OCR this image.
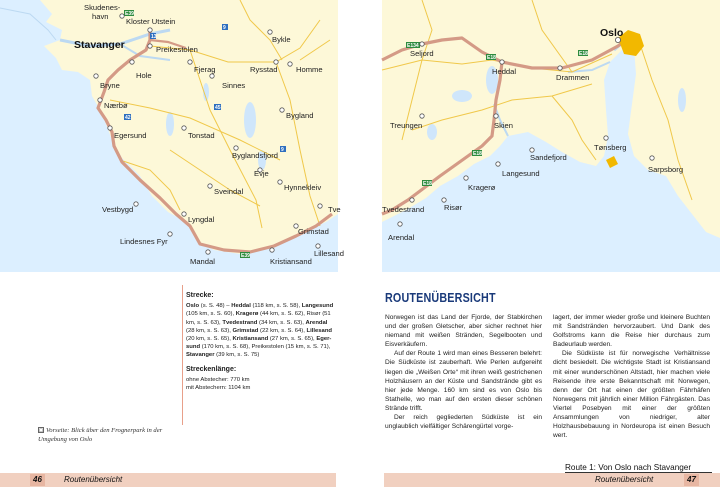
E39
13
9
45
42
9
E39
Skudenes-
havn
Kloster Utstein
Stavanger	Preikestolen
Bykle
Hole
Fjerag	Rysstad Homme
Bryne	Sinnes
Nærbø
Bygland
Egersund	Tonstad
Byglandsfjord
Evje
Sveindal	Hynnekleiv
Vestbygd
Lyngdal
Tve
Lindesnes Fyr
Grimstad
Lillesand
Mandal	Kristiansand
E134
E18
E18
E18
E18
Seljord
Oslo
Heddal
Drammen
Treungen	Skien
Tønsberg
Sandefjord
Sarpsborg
Langesund
Kragerø
Tvedestrand	Risør
Arendal
Strecke:
Oslo (s. S. 48) – Heddal (118 km, s. S. 58), Langesund (105 km, s. S. 60), Kragerø (44 km, s. S. 62), Risør (51 km, s. S. 63), Tvedestrand (34 km, s. S. 63), Arendal (28 km, s. S. 63), Grimstad (22 km, s. S. 64), Lillesand (20 km, s. S. 65), Kristiansand (27 km, s. S. 65), Eger- sund (170 km, s. S. 68), Preikestolen (15 km, s. S. 71), Stavanger (39 km, s. S. 75)
Streckenlänge:
ohne Abstecher: 770 km
mit Abstechern: 1104 km
☐ Vorseite: Blick über den Frognerpark in der Umgebung von Oslo
ROUTENÜBERSICHT

Norwegen ist das Land der Fjorde, der Stabkirchen und der großen Gletscher, aber sicher rechnet hier niemand mit weißen Stränden, Segelbooten und Eisverkäufern.

Auf der Route 1 wird man eines Besseren belehrt: Die Südküste ist zauberhaft. Wie Perlen aufgereiht liegen die „Weißen Orte“ mit ihren weiß gestrichenen Holzhäusern an der Küste und Sandstrände gibt es hier jede Menge. 160 km sind es von Oslo bis Stathelle, wo man auf den ersten dieser schönen Strände trifft.

Der reich gegliederten Südküste ist ein unglaublich vielfältiger Schärengürtel vorge-

lagert, der immer wieder große und kleinere Buchten mit Sandstränden hervorzaubert. Und Dank des Golfstroms kann die Reise hier durchaus zum Badeurlaub werden.

Die Südküste ist für norwegische Verhältnisse dicht besiedelt. Die wichtigste Stadt ist Kristiansand mit einer wunderschönen Altstadt, hier machen viele Reisende ihre erste Bekanntschaft mit Norwegen, denn der Ort hat einen der größten Fährhäfen Norwegens mit jährlich einer Million Fährgästen. Das Viertel Posebyen mit einer der größten Ansammlungen von niedriger, alter Holzhausbebauung in Nordeuropa ist einen Besuch wert.

Route 1: Von Oslo nach Stavanger
46	Routenübersicht	Routenübersicht	47
